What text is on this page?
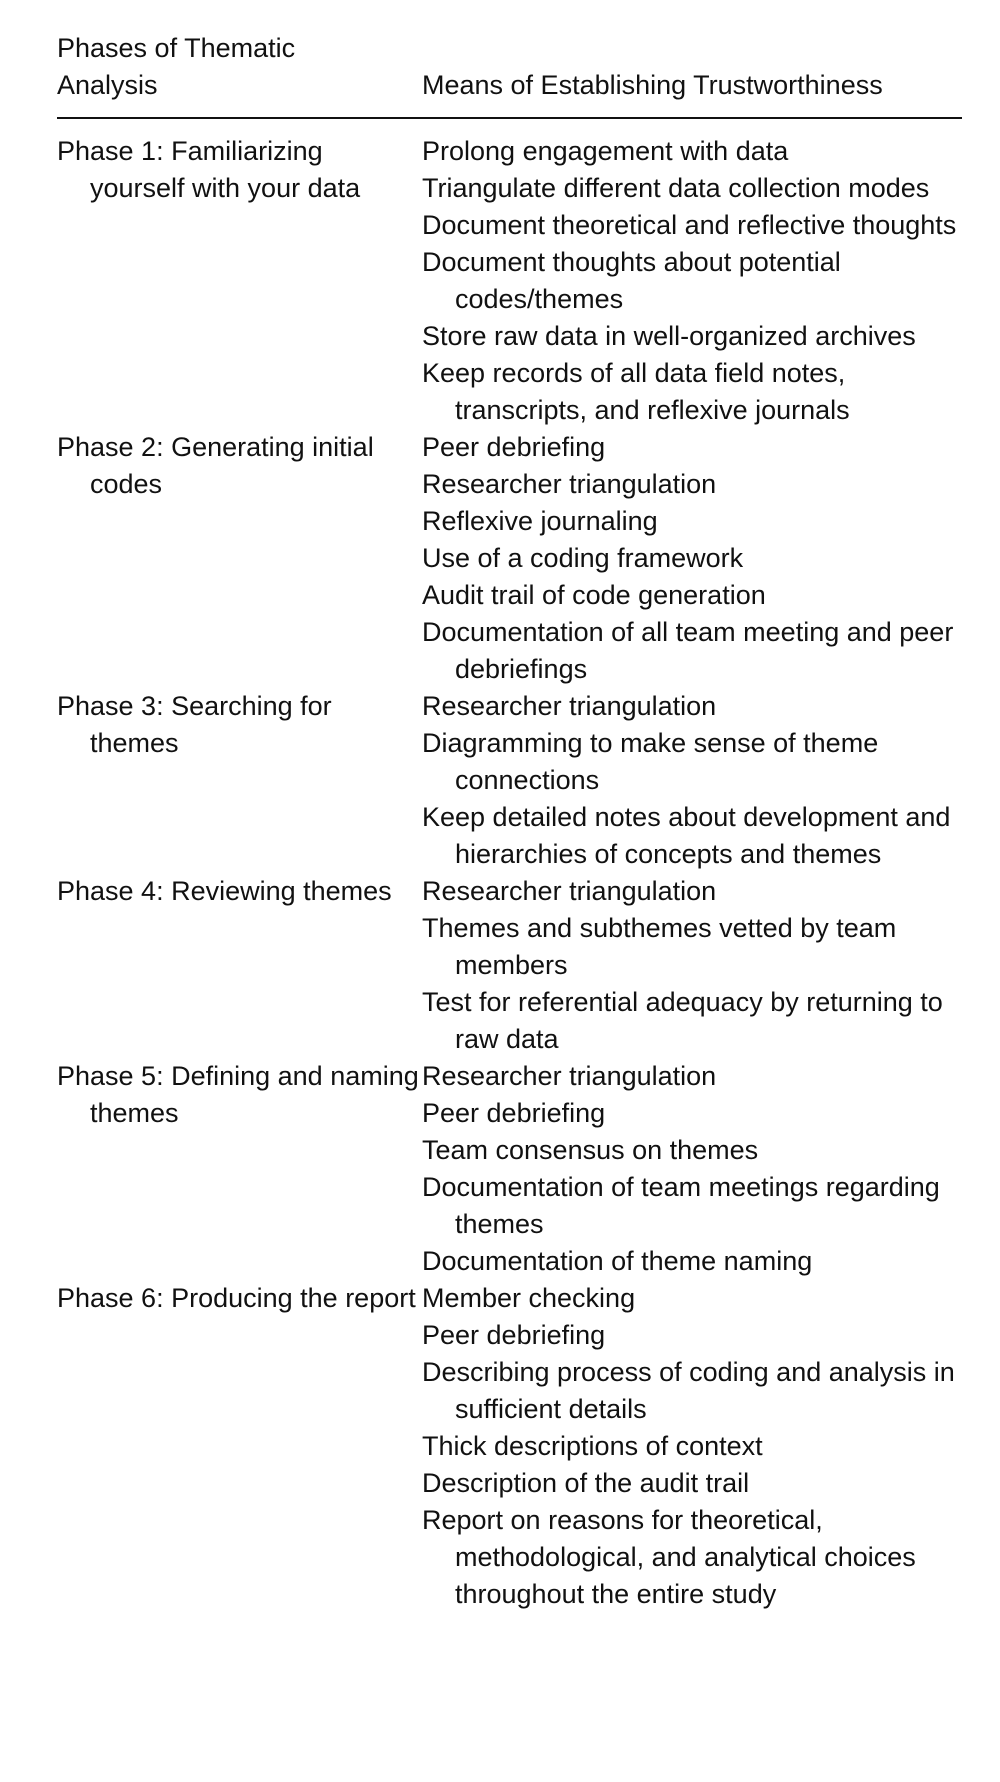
Phases of Thematic Analysis	Means of Establishing Trustworthiness
Phase 1: Familiarizing yourself with your data
Prolong engagement with data
Triangulate different data collection modes
Document theoretical and reflective thoughts
Document thoughts about potential codes/themes
Store raw data in well-organized archives
Keep records of all data field notes, transcripts, and reflexive journals
Phase 2: Generating initial codes
Peer debriefing
Researcher triangulation
Reflexive journaling
Use of a coding framework
Audit trail of code generation
Documentation of all team meeting and peer debriefings
Phase 3: Searching for themes
Researcher triangulation
Diagramming to make sense of theme connections
Keep detailed notes about development and hierarchies of concepts and themes
Phase 4: Reviewing themes	Researcher triangulation
Themes and subthemes vetted by team members
Test for referential adequacy by returning to raw data
Phase 5: Defining and naming themes
Researcher triangulation
Peer debriefing
Team consensus on themes
Documentation of team meetings regarding themes
Documentation of theme naming
Phase 6: Producing the report Member checking
Peer debriefing
Describing process of coding and analysis in sufficient details
Thick descriptions of context
Description of the audit trail
Report on reasons for theoretical, methodological, and analytical choices throughout the entire study
